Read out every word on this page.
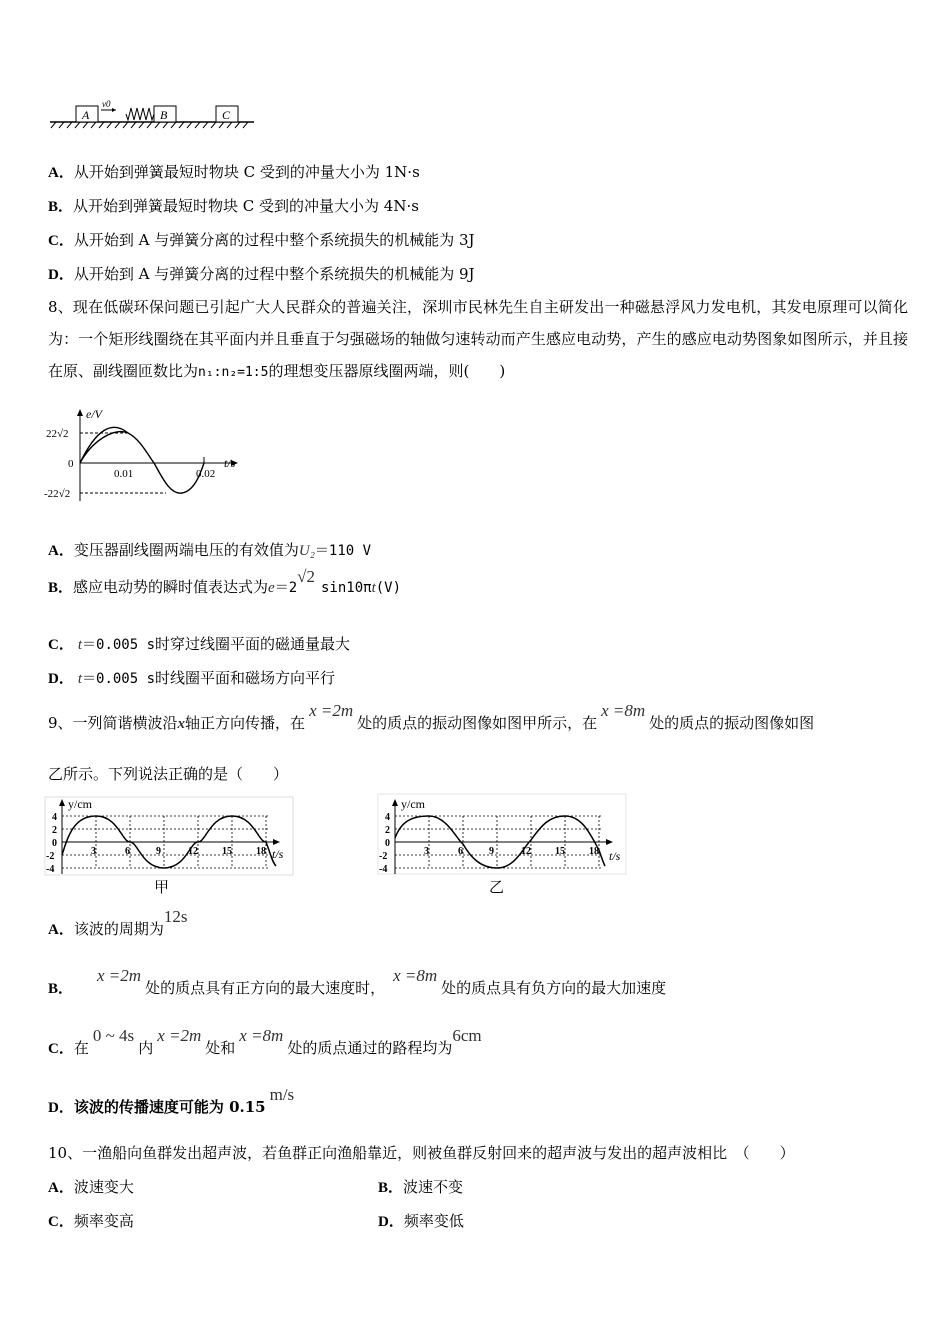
A
v0
B	C
A．从开始到弹簧最短时物块 C 受到的冲量大小为 1N·s
B．从开始到弹簧最短时物块 C 受到的冲量大小为 4N·s
C．从开始到 A 与弹簧分离的过程中整个系统损失的机械能为 3J
D．从开始到 A 与弹簧分离的过程中整个系统损失的机械能为 9J
8、现在低碳环保问题已引起广大人民群众的普遍关注，深圳市民林先生自主研发出一种磁悬浮风力发电机，其发电原理可以简化为：一个矩形线圈绕在其平面内并且垂直于匀强磁场的轴做匀速转动而产生感应电动势，产生的感应电动势图象如图所示，并且接在原、副线圈匝数比为n₁:n₂=1:5的理想变压器原线圈两端，则(　　)
e/V
t/s
22√2
0
-22√2
0.01	0.02
A．变压器副线圈两端电压的有效值为U₂＝110 V
B．感应电动势的瞬时值表达式为e＝2√2sin10πt(V)
C． t＝0.005 s时穿过线圈平面的磁通量最大
D． t＝0.005 s时线圈平面和磁场方向平行
9、一列简谐横波沿x轴正方向传播，在x =2m处的质点的振动图像如图甲所示，在x =8m处的质点的振动图像如图
乙所示。下列说法正确的是（　　）
y/cm
t/s
4
2
0
-2
-4
3	6	9	12 15 18
甲
y/cm
t/s
4
2
0
-2
-4
3	6	9	12 15 18
乙
A．该波的周期为12s
B．x =2m处的质点具有正方向的最大速度时，x =8m处的质点具有负方向的最大加速度
C．在0 ~ 4s内x =2m处和x =8m处的质点通过的路程均为6cm
D．该波的传播速度可能为 0.15m/s
10、一渔船向鱼群发出超声波，若鱼群正向渔船靠近，则被鱼群反射回来的超声波与发出的超声波相比　（　　）
A．波速变大	B．波速不变
C．频率变高	D．频率变低
